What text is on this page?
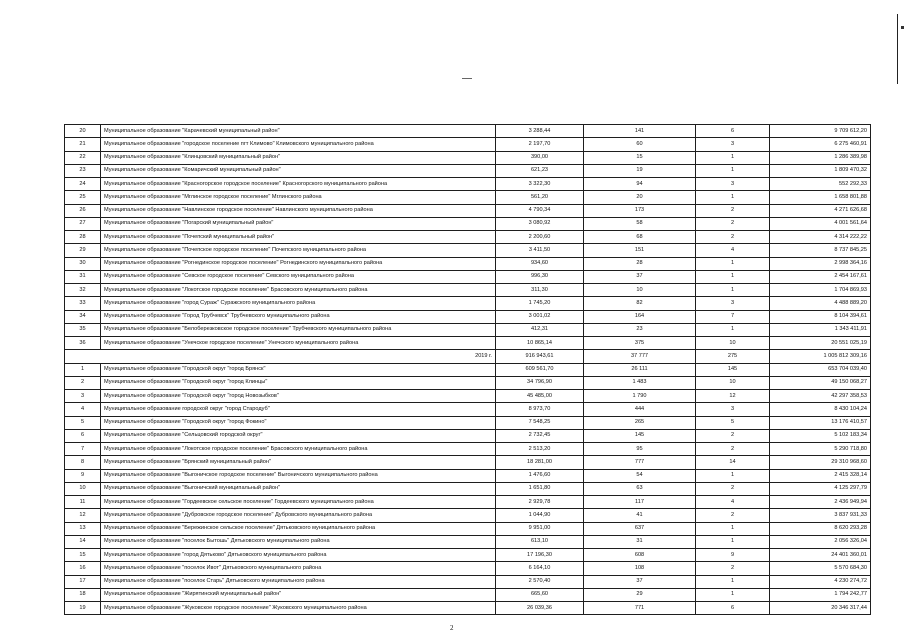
20	Муниципальное образование "Карачевский муниципальный район"	3 288,44	141	6	9 709 612,20
21	Муниципальное образование "городское поселение пгт Климово" Климовского муниципального района	2 197,70	60	3	6 275 460,91
22	Муниципальное образование "Клинцовский муниципальный район"	390,00	15	1	1 286 389,98
23	Муниципальное образование "Комаричский муниципальный район"	621,23	19	1	1 809 470,32
24	Муниципальное образование "Красногорское городское поселение" Красногорского муниципального района	3 322,30	94	3	552 292,33
25	Муниципальное образование "Мглинское городское поселение" Мглинского района	561,20	20	1	1 658 801,88
26	Муниципальное образование "Навлинское городское поселение" Навлинского муниципального района	4 790,34	173	2	4 271 626,68
27	Муниципальное образование "Погарский муниципальный район"	3 080,92	58	2	4 001 561,64
28	Муниципальное образование "Почепский муниципальный район"	2 200,60	68	2	4 314 222,22
29	Муниципальное образование "Почепское городское поселение" Почепского муниципального района	3 411,50	151	4	8 737 845,25
30	Муниципальное образование "Рогнединское городское поселение" Рогнединского муниципального района	934,60	28	1	2 998 364,16
31	Муниципальное образование "Севское городское поселение" Севского муниципального района	996,30	37	1	2 454 167,61
32	Муниципальное образование "Локотское городское поселение" Брасовского муниципального района	311,30	10	1	1 704 869,93
33	Муниципальное образование "город Сураж" Суражского муниципального района	1 745,20	82	3	4 488 889,20
34	Муниципальное образование "Город Трубчевск" Трубчевского муниципального района	3 001,02	164	7	8 104 394,61
35	Муниципальное образование "Белоберезковское городское поселение" Трубчевского муниципального района	412,31	23	1	1 343 411,91
36	Муниципальное образование "Унечское городское поселение" Унечского муниципального района	10 865,14	375	10	20 551 025,19
2019 г.		916 943,61	37 777	275	1 005 812 309,16
1	Муниципальное образование "Городской округ "город Брянск"	609 561,70	26 111	145	653 704 039,40
2	Муниципальное образование "Городской округ "город Клинцы"	34 796,90	1 483	10	49 150 068,27
3	Муниципальное образование "Городской округ "город Новозыбков"	45 485,00	1 790	12	42 297 358,53
4	Муниципальное образование городской округ "город Стародуб"	8 973,70	444	3	8 430 104,24
5	Муниципальное образование "Городской округ "город Фокино"	7 548,25	265	5	13 176 410,57
6	Муниципальное образование "Сельцовский городской округ"	2 732,45	145	2	5 102 183,34
7	Муниципальное образование "Локотское городское поселение" Брасовского муниципального района	2 513,20	95	2	5 290 718,80
8	Муниципальное образование "Брянский муниципальный район"	18 281,00	777	14	29 310 968,60
9	Муниципальное образование "Выгоничское городское поселение" Выгоничского муниципального района	1 476,60	54	1	2 415 328,14
10	Муниципальное образование "Выгоничский муниципальный район"	1 651,80	63	2	4 125 297,79
11	Муниципальное образование "Гордеевское сельское поселение" Гордеевского муниципального района	2 929,78	117	4	2 436 949,94
12	Муниципальное образование "Дубровское городское поселение" Дубровского муниципального района	1 044,90	41	2	3 837 931,33
13	Муниципальное образование "Бережинское сельское поселение" Дятьковского муниципального района	9 951,00	637	1	8 620 293,28
14	Муниципальное образование "поселок Бытошь" Дятьковского муниципального района	613,10	31	1	2 056 326,04
15	Муниципальное образование "город Дятьково" Дятьковского муниципального района	17 196,30	608	9	24 401 360,01
16	Муниципальное образование "поселок Ивот" Дятьковского муниципального района	6 164,10	108	2	5 570 684,30
17	Муниципальное образование "поселок Старь" Дятьковского муниципального района	2 570,40	37	1	4 230 274,72
18	Муниципальное образование "Жирятинский муниципальный район"	665,60	29	1	1 794 242,77
19	Муниципальное образование "Жуковское городское поселение" Жуковского муниципального района	26 039,36	771	6	20 346 317,44
2
